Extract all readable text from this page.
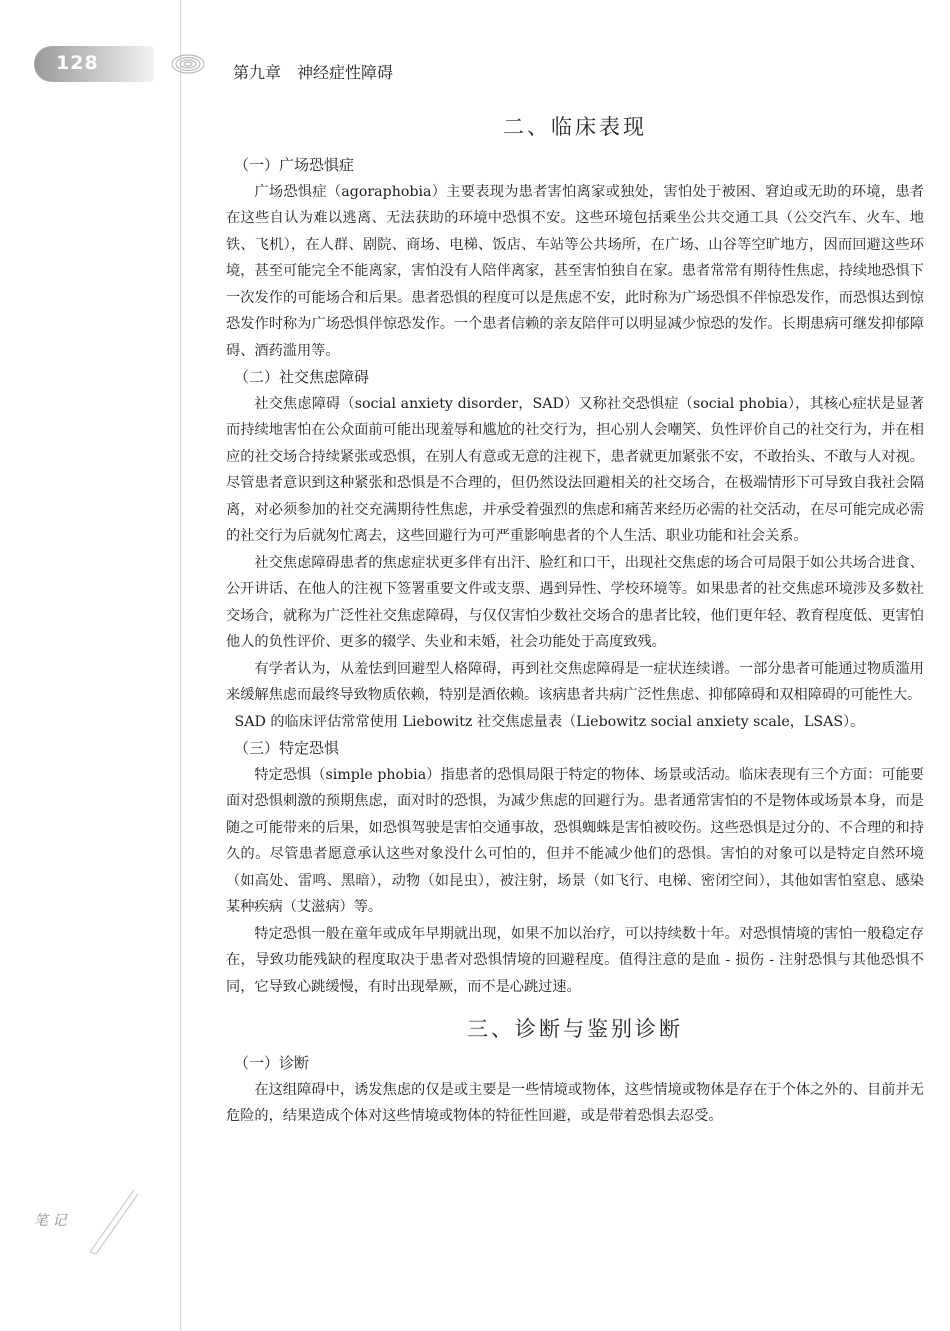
128	第九章　神经症性障碍
二、临床表现
（一）广场恐惧症

广场恐惧症（agoraphobia）主要表现为患者害怕离家或独处，害怕处于被困、窘迫或无助的环境，患者在这些自认为难以逃离、无法获助的环境中恐惧不安。这些环境包括乘坐公共交通工具（公交汽车、火车、地铁、飞机），在人群、剧院、商场、电梯、饭店、车站等公共场所，在广场、山谷等空旷地方，因而回避这些环境，甚至可能完全不能离家，害怕没有人陪伴离家，甚至害怕独自在家。患者常常有期待性焦虑，持续地恐惧下一次发作的可能场合和后果。患者恐惧的程度可以是焦虑不安，此时称为广场恐惧不伴惊恐发作，而恐惧达到惊恐发作时称为广场恐惧伴惊恐发作。一个患者信赖的亲友陪伴可以明显减少惊恐的发作。长期患病可继发抑郁障碍、酒药滥用等。

（二）社交焦虑障碍

社交焦虑障碍（social anxiety disorder，SAD）又称社交恐惧症（social phobia），其核心症状是显著而持续地害怕在公众面前可能出现羞辱和尴尬的社交行为，担心别人会嘲笑、负性评价自己的社交行为，并在相应的社交场合持续紧张或恐惧，在别人有意或无意的注视下，患者就更加紧张不安，不敢抬头、不敢与人对视。尽管患者意识到这种紧张和恐惧是不合理的，但仍然设法回避相关的社交场合，在极端情形下可导致自我社会隔离，对必须参加的社交充满期待性焦虑，并承受着强烈的焦虑和痛苦来经历必需的社交活动，在尽可能完成必需的社交行为后就匆忙离去，这些回避行为可严重影响患者的个人生活、职业功能和社会关系。

社交焦虑障碍患者的焦虑症状更多伴有出汗、脸红和口干，出现社交焦虑的场合可局限于如公共场合进食、公开讲话、在他人的注视下签署重要文件或支票、遇到异性、学校环境等。如果患者的社交焦虑环境涉及多数社交场合，就称为广泛性社交焦虑障碍，与仅仅害怕少数社交场合的患者比较，他们更年轻、教育程度低、更害怕他人的负性评价、更多的辍学、失业和未婚，社会功能处于高度致残。

有学者认为，从羞怯到回避型人格障碍，再到社交焦虑障碍是一症状连续谱。一部分患者可能通过物质滥用来缓解焦虑而最终导致物质依赖，特别是酒依赖。该病患者共病广泛性焦虑、抑郁障碍和双相障碍的可能性大。

SAD 的临床评估常常使用 Liebowitz 社交焦虑量表（Liebowitz social anxiety scale，LSAS）。

（三）特定恐惧

特定恐惧（simple phobia）指患者的恐惧局限于特定的物体、场景或活动。临床表现有三个方面：可能要面对恐惧刺激的预期焦虑，面对时的恐惧，为减少焦虑的回避行为。患者通常害怕的不是物体或场景本身，而是随之可能带来的后果，如恐惧驾驶是害怕交通事故，恐惧蜘蛛是害怕被咬伤。这些恐惧是过分的、不合理的和持久的。尽管患者愿意承认这些对象没什么可怕的，但并不能减少他们的恐惧。害怕的对象可以是特定自然环境（如高处、雷鸣、黑暗），动物（如昆虫），被注射，场景（如飞行、电梯、密闭空间），其他如害怕窒息、感染某种疾病（艾滋病）等。

特定恐惧一般在童年或成年早期就出现，如果不加以治疗，可以持续数十年。对恐惧情境的害怕一般稳定存在，导致功能残缺的程度取决于患者对恐惧情境的回避程度。值得注意的是血 - 损伤 - 注射恐惧与其他恐惧不同，它导致心跳缓慢，有时出现晕厥，而不是心跳过速。

三、诊断与鉴别诊断
（一）诊断

在这组障碍中，诱发焦虑的仅是或主要是一些情境或物体，这些情境或物体是存在于个体之外的、目前并无危险的，结果造成个体对这些情境或物体的特征性回避，或是带着恐惧去忍受。

笔 记
